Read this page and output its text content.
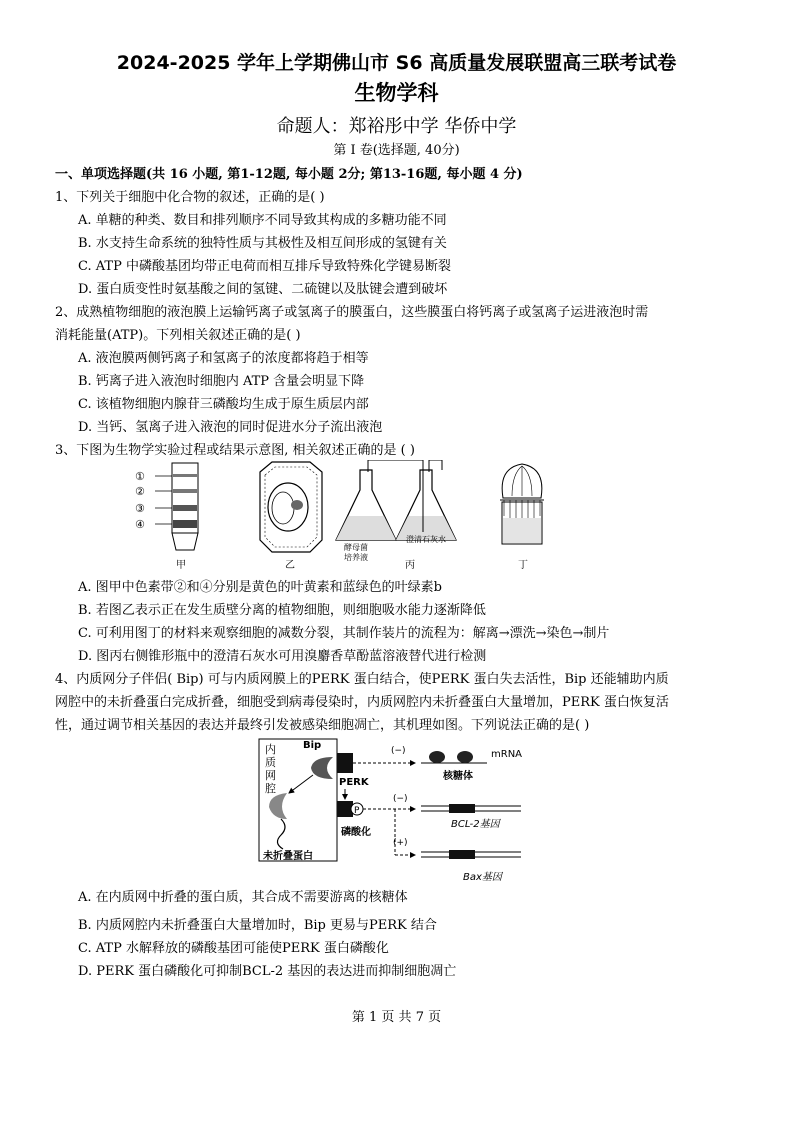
2024-2025 学年上学期佛山市 S6 高质量发展联盟高三联考试卷
生物学科
命题人：郑裕彤中学 华侨中学
第 I 卷(选择题, 40分)
一、单项选择题(共 16 小题, 第1-12题, 每小题 2分; 第13-16题, 每小题 4 分)
1、下列关于细胞中化合物的叙述，正确的是( )
A. 单糖的种类、数目和排列顺序不同导致其构成的多糖功能不同
B. 水支持生命系统的独特性质与其极性及相互间形成的氢键有关
C. ATP 中磷酸基团均带正电荷而相互排斥导致特殊化学键易断裂
D. 蛋白质变性时氨基酸之间的氢键、二硫键以及肽键会遭到破坏
2、成熟植物细胞的液泡膜上运输钙离子或氢离子的膜蛋白，这些膜蛋白将钙离子或氢离子运进液泡时需
消耗能量(ATP)。下列相关叙述正确的是( )
A. 液泡膜两侧钙离子和氢离子的浓度都将趋于相等
B. 钙离子进入液泡时细胞内 ATP 含量会明显下降
C. 该植物细胞内腺苷三磷酸均生成于原生质层内部
D. 当钙、氢离子进入液泡的同时促进水分子流出液泡
3、下图为生物学实验过程或结果示意图, 相关叙述正确的是 ( )
①
②
③
④
酵母菌
培养液
澄清石灰水
甲	乙	丙	丁
A. 图甲中色素带②和④分别是黄色的叶黄素和蓝绿色的叶绿素b
B. 若图乙表示正在发生质壁分离的植物细胞，则细胞吸水能力逐渐降低
C. 可利用图丁的材料来观察细胞的减数分裂，其制作装片的流程为：解离→漂洗→染色→制片
D. 图丙右侧锥形瓶中的澄清石灰水可用溴麝香草酚蓝溶液替代进行检测
4、内质网分子伴侣( Bip) 可与内质网膜上的PERK 蛋白结合，使PERK 蛋白失去活性，Bip 还能辅助内质
网腔中的未折叠蛋白完成折叠，细胞受到病毒侵染时，内质网腔内未折叠蛋白大量增加，PERK 蛋白恢复活
性，通过调节相关基因的表达并最终引发被感染细胞凋亡，其机理如图。下列说法正确的是( )
内
质
网
腔
Bip
PERK
P
磷酸化
未折叠蛋白
(−)
(−)
(+)
mRNA
核糖体
BCL-2基因
Bax基因
A. 在内质网中折叠的蛋白质，其合成不需要游离的核糖体
B. 内质网腔内未折叠蛋白大量增加时，Bip 更易与PERK 结合
C. ATP 水解释放的磷酸基团可能使PERK 蛋白磷酸化
D. PERK 蛋白磷酸化可抑制BCL-2 基因的表达进而抑制细胞凋亡
第 1 页 共 7 页
